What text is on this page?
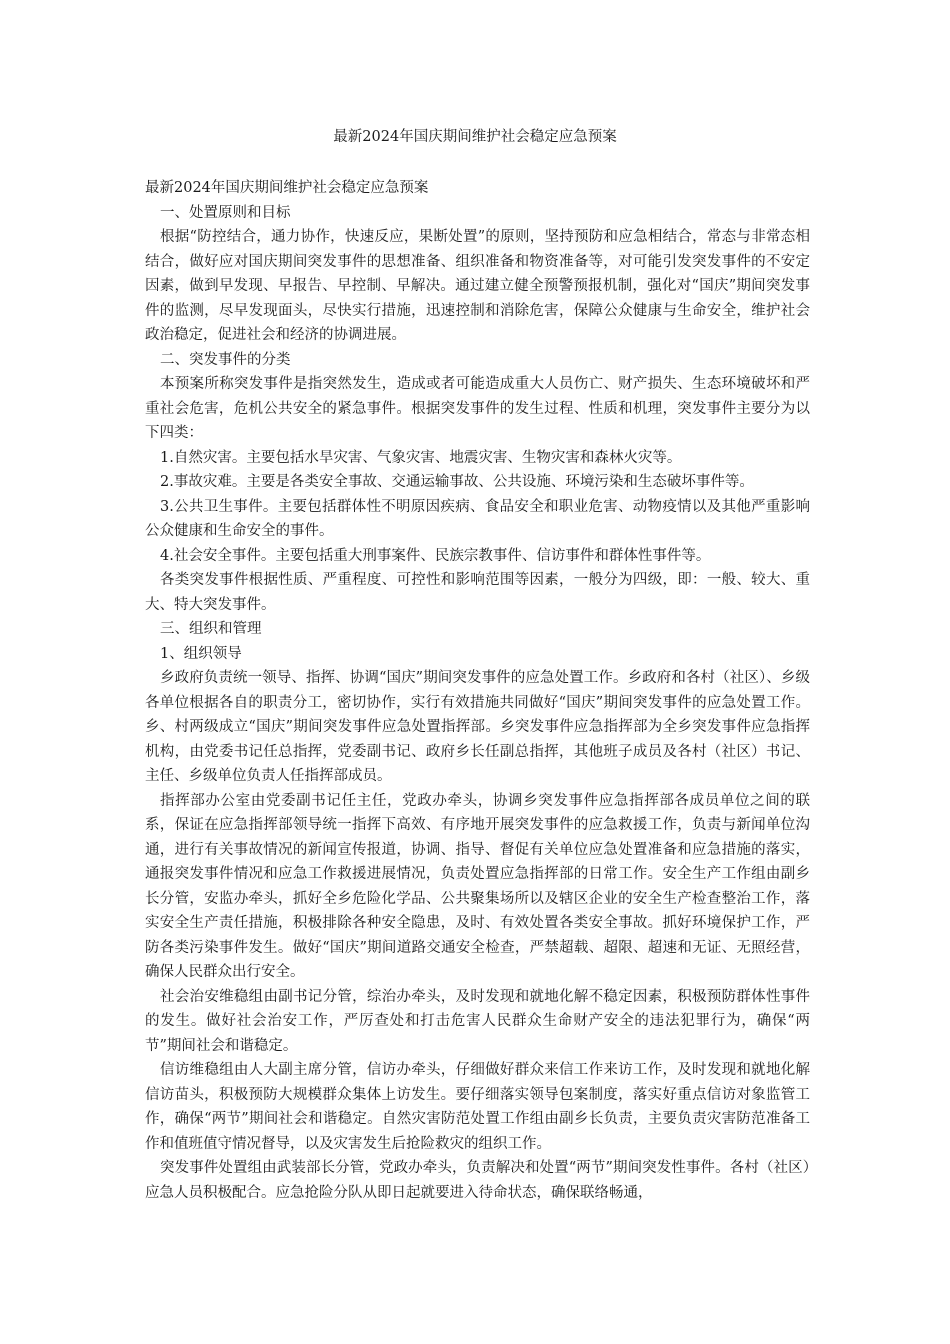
最新2024年国庆期间维护社会稳定应急预案

最新2024年国庆期间维护社会稳定应急预案

一、处置原则和目标

根据“防控结合，通力协作，快速反应，果断处置”的原则，坚持预防和应急相结合，常态与非常态相结合，做好应对国庆期间突发事件的思想准备、组织准备和物资准备等，对可能引发突发事件的不安定因素，做到早发现、早报告、早控制、早解决。通过建立健全预警预报机制，强化对“国庆”期间突发事件的监测，尽早发现面头，尽快实行措施，迅速控制和消除危害，保障公众健康与生命安全，维护社会政治稳定，促进社会和经济的协调进展。

二、突发事件的分类

本预案所称突发事件是指突然发生，造成或者可能造成重大人员伤亡、财产损失、生态环境破坏和严重社会危害，危机公共安全的紧急事件。根据突发事件的发生过程、性质和机理，突发事件主要分为以下四类：

1.自然灾害。主要包括水旱灾害、气象灾害、地震灾害、生物灾害和森林火灾等。

2.事故灾难。主要是各类安全事故、交通运输事故、公共设施、环境污染和生态破坏事件等。

3.公共卫生事件。主要包括群体性不明原因疾病、食品安全和职业危害、动物疫情以及其他严重影响公众健康和生命安全的事件。

4.社会安全事件。主要包括重大刑事案件、民族宗教事件、信访事件和群体性事件等。

各类突发事件根据性质、严重程度、可控性和影响范围等因素，一般分为四级，即：一般、较大、重大、特大突发事件。

三、组织和管理

1、组织领导

乡政府负责统一领导、指挥、协调“国庆”期间突发事件的应急处置工作。乡政府和各村（社区）、乡级各单位根据各自的职责分工，密切协作，实行有效措施共同做好“国庆”期间突发事件的应急处置工作。乡、村两级成立“国庆”期间突发事件应急处置指挥部。乡突发事件应急指挥部为全乡突发事件应急指挥机构，由党委书记任总指挥，党委副书记、政府乡长任副总指挥，其他班子成员及各村（社区）书记、主任、乡级单位负责人任指挥部成员。

指挥部办公室由党委副书记任主任，党政办牵头，协调乡突发事件应急指挥部各成员单位之间的联系，保证在应急指挥部领导统一指挥下高效、有序地开展突发事件的应急救援工作，负责与新闻单位沟通，进行有关事故情况的新闻宣传报道，协调、指导、督促有关单位应急处置准备和应急措施的落实，通报突发事件情况和应急工作救援进展情况，负责处置应急指挥部的日常工作。安全生产工作组由副乡长分管，安监办牵头，抓好全乡危险化学品、公共聚集场所以及辖区企业的安全生产检查整治工作，落实安全生产责任措施，积极排除各种安全隐患，及时、有效处置各类安全事故。抓好环境保护工作，严防各类污染事件发生。做好“国庆”期间道路交通安全检查，严禁超载、超限、超速和无证、无照经营，确保人民群众出行安全。

社会治安维稳组由副书记分管，综治办牵头，及时发现和就地化解不稳定因素，积极预防群体性事件的发生。做好社会治安工作，严厉查处和打击危害人民群众生命财产安全的违法犯罪行为，确保“两节”期间社会和谐稳定。

信访维稳组由人大副主席分管，信访办牵头，仔细做好群众来信工作来访工作，及时发现和就地化解信访苗头，积极预防大规模群众集体上访发生。要仔细落实领导包案制度，落实好重点信访对象监管工作，确保“两节”期间社会和谐稳定。自然灾害防范处置工作组由副乡长负责，主要负责灾害防范准备工作和值班值守情况督导，以及灾害发生后抢险救灾的组织工作。

突发事件处置组由武装部长分管，党政办牵头，负责解决和处置“两节”期间突发性事件。各村（社区）应急人员积极配合。应急抢险分队从即日起就要进入待命状态，确保联络畅通，
